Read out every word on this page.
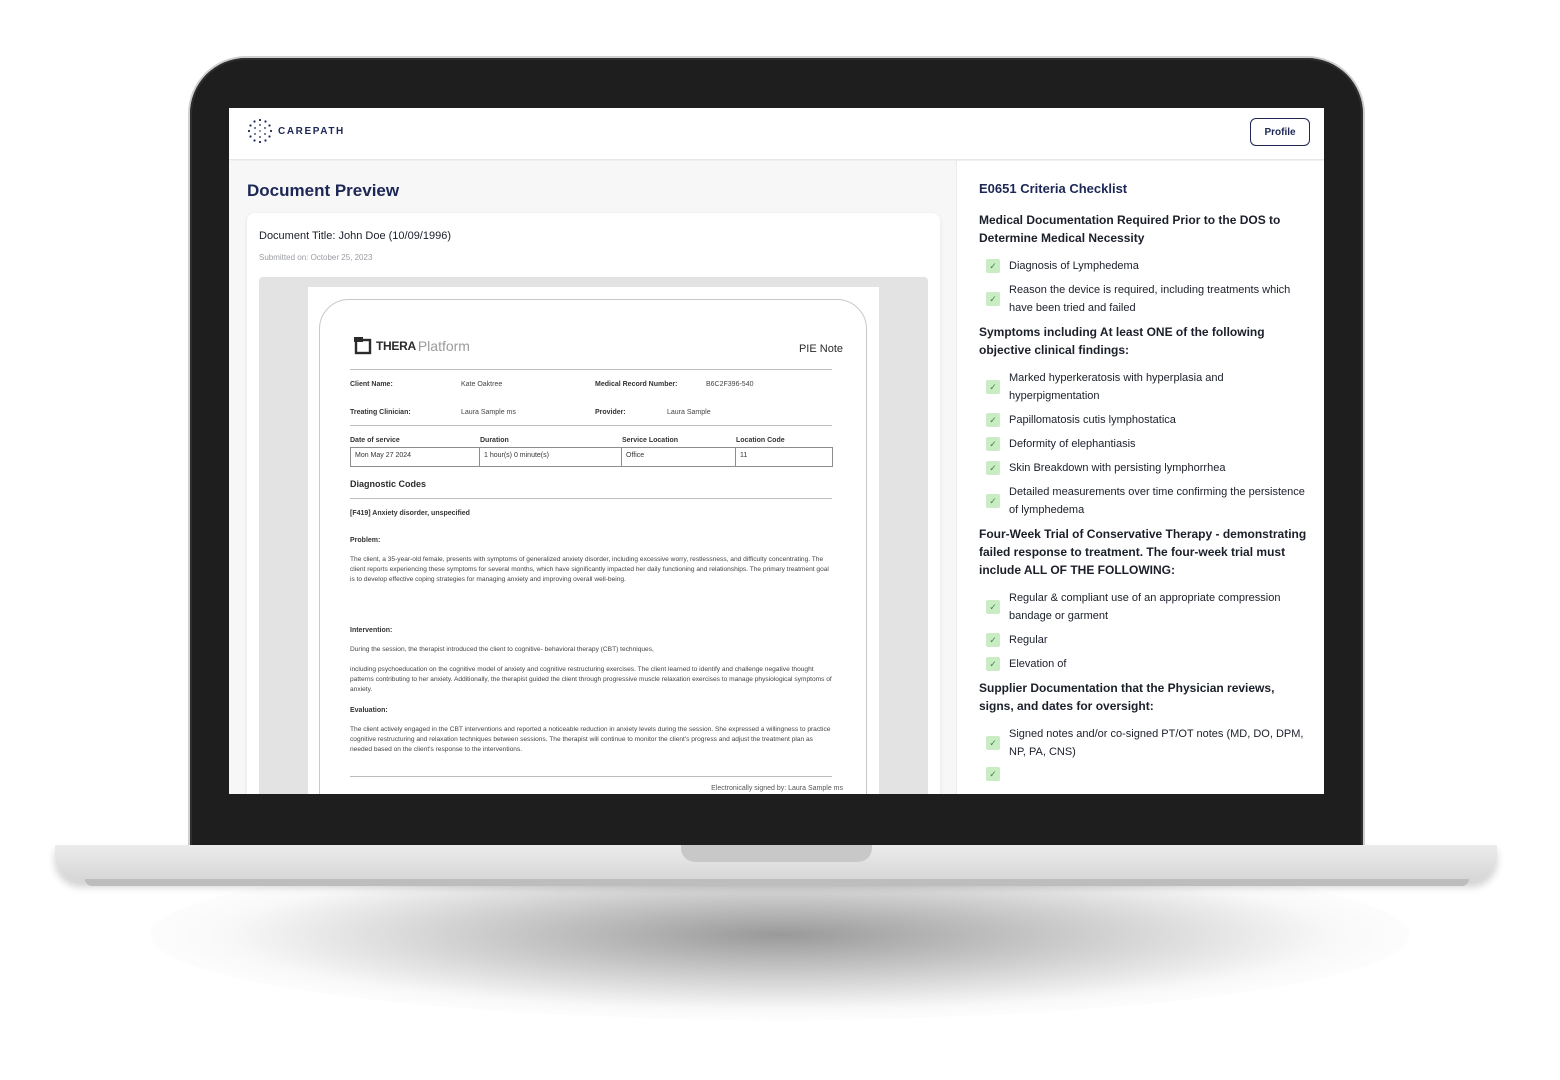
CAREPATH	Profile
Document Preview
Document Title: John Doe (10/09/1996)
Submitted on: October 25, 2023
THERA Platform	PIE Note
Client Name:	Kate Oaktree	Medical Record Number:	B6C2F396-540
Treating Clinician:	Laura Sample ms	Provider:	Laura Sample
Date of service	Duration	Service Location	Location Code
Mon May 27 2024	1 hour(s) 0 minute(s)	Office	11
Diagnostic Codes
[F419] Anxiety disorder, unspecified
Problem:
The client, a 35-year-old female, presents with symptoms of generalized anxiety disorder, including excessive worry, restlessness, and difficulty concentrating. The client reports experiencing these symptoms for several months, which have significantly impacted her daily functioning and relationships. The primary treatment goal is to develop effective coping strategies for managing anxiety and improving overall well-being.
Intervention:
During the session, the therapist introduced the client to cognitive- behavioral therapy (CBT) techniques,
including psychoeducation on the cognitive model of anxiety and cognitive restructuring exercises. The client learned to identify and challenge negative thought patterns contributing to her anxiety. Additionally, the therapist guided the client through progressive muscle relaxation exercises to manage physiological symptoms of anxiety.
Evaluation:
The client actively engaged in the CBT interventions and reported a noticeable reduction in anxiety levels during the session. She expressed a willingness to practice cognitive restructuring and relaxation techniques between sessions. The therapist will continue to monitor the client's progress and adjust the treatment plan as needed based on the client's response to the interventions.
Electronically signed by: Laura Sample ms
E0651 Criteria Checklist
Medical Documentation Required Prior to the DOS to Determine Medical Necessity
✓ Diagnosis of Lymphedema
✓
Reason the device is required, including treatments which have been tried and failed
Symptoms including At least ONE of the following objective clinical findings:
✓
Marked hyperkeratosis with hyperplasia and hyperpigmentation
✓ Papillomatosis cutis lymphostatica
✓ Deformity of elephantiasis
✓ Skin Breakdown with persisting lymphorrhea
✓
Detailed measurements over time confirming the persistence of lymphedema
Four-Week Trial of Conservative Therapy - demonstrating failed response to treatment. The four-week trial must include ALL OF THE FOLLOWING:
✓
Regular & compliant use of an appropriate compression bandage or garment
✓ Regular
✓ Elevation of
Supplier Documentation that the Physician reviews, signs, and dates for oversight:
✓
Signed notes and/or co-signed PT/OT notes (MD, DO, DPM, NP, PA, CNS)
✓
